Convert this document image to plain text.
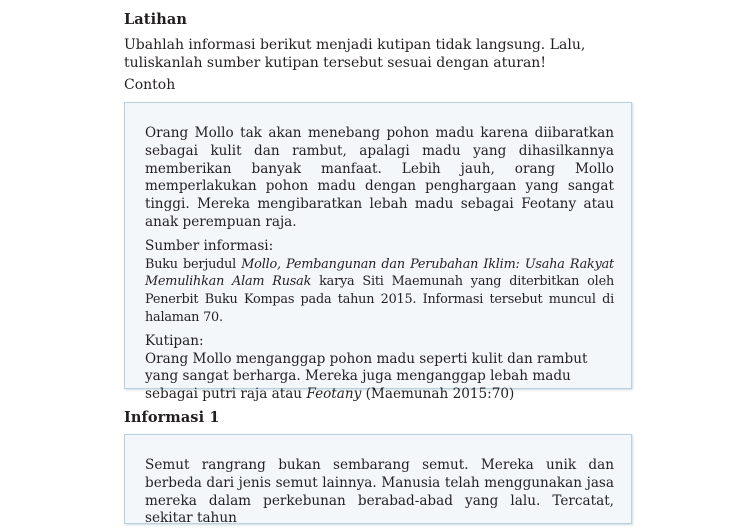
Latihan
Ubahlah informasi berikut menjadi kutipan tidak langsung. Lalu, tuliskanlah sumber kutipan tersebut sesuai dengan aturan!
Contoh

Orang Mollo tak akan menebang pohon madu karena diibaratkan sebagai kulit dan rambut, apalagi madu yang dihasilkannya memberikan banyak manfaat. Lebih jauh, orang Mollo memperlakukan pohon madu dengan penghargaan yang sangat tinggi. Mereka mengibaratkan lebah madu sebagai Feotany atau anak perempuan raja.

Sumber informasi:

Buku berjudul Mollo, Pembangunan dan Perubahan Iklim: Usaha Rakyat Memulihkan Alam Rusak karya Siti Maemunah yang diterbitkan oleh Penerbit Buku Kompas pada tahun 2015. Informasi tersebut muncul di halaman 70.

Kutipan:

Orang Mollo menganggap pohon madu seperti kulit dan rambut yang sangat berharga. Mereka juga menganggap lebah madu sebagai putri raja atau Feotany (Maemunah 2015:70)

Informasi 1

Semut rangrang bukan sembarang semut. Mereka unik dan berbeda dari jenis semut lainnya. Manusia telah menggunakan jasa mereka dalam perkebunan berabad-abad yang lalu. Tercatat, sekitar tahun
